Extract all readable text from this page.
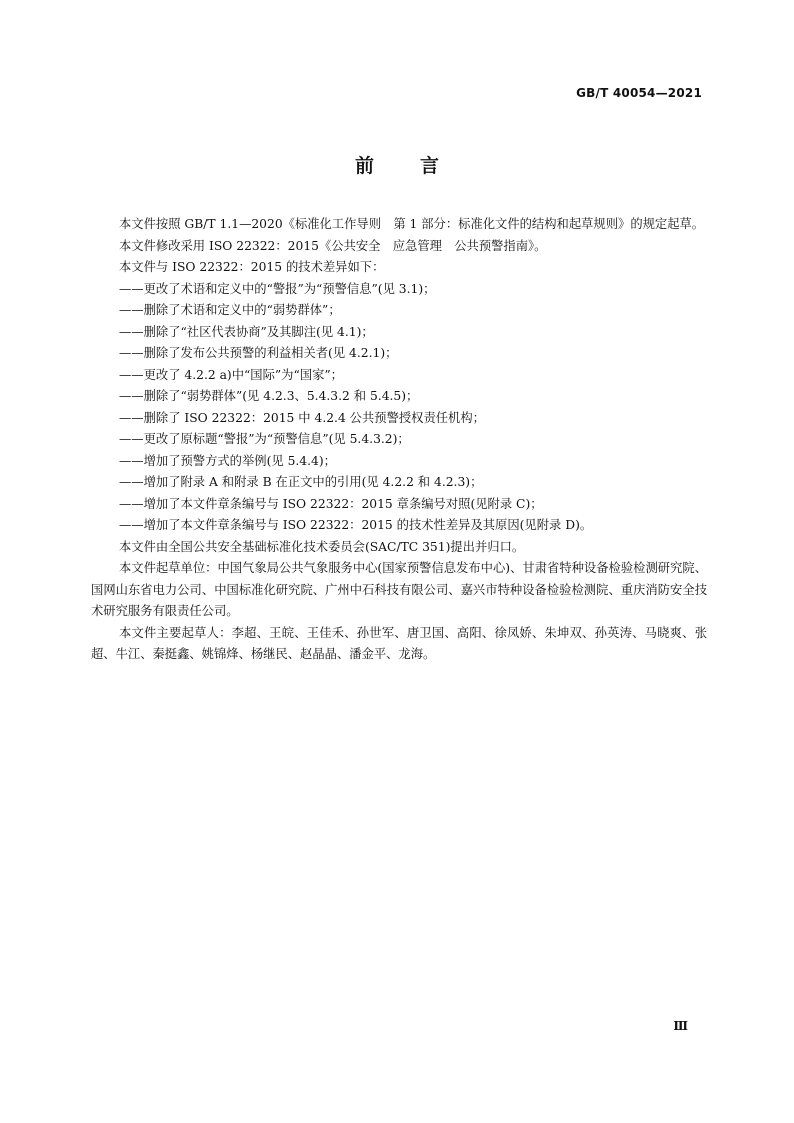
GB/T 40054—2021
前 言

本文件按照 GB/T 1.1—2020《标准化工作导则　第 1 部分：标准化文件的结构和起草规则》的规定起草。

本文件修改采用 ISO 22322：2015《公共安全　应急管理　公共预警指南》。

本文件与 ISO 22322：2015 的技术差异如下：

——更改了术语和定义中的“警报”为“预警信息”(见 3.1)；

——删除了术语和定义中的“弱势群体”；

——删除了“社区代表协商”及其脚注(见 4.1)；

——删除了发布公共预警的利益相关者(见 4.2.1)；

——更改了 4.2.2 a)中“国际”为“国家”；

——删除了“弱势群体”(见 4.2.3、5.4.3.2 和 5.4.5)；

——删除了 ISO 22322：2015 中 4.2.4 公共预警授权责任机构；

——更改了原标题“警报”为“预警信息”(见 5.4.3.2)；

——增加了预警方式的举例(见 5.4.4)；

——增加了附录 A 和附录 B 在正文中的引用(见 4.2.2 和 4.2.3)；

——增加了本文件章条编号与 ISO 22322：2015 章条编号对照(见附录 C)；

——增加了本文件章条编号与 ISO 22322：2015 的技术性差异及其原因(见附录 D)。

本文件由全国公共安全基础标准化技术委员会(SAC/TC 351)提出并归口。

本文件起草单位：中国气象局公共气象服务中心(国家预警信息发布中心)、甘肃省特种设备检验检测研究院、国网山东省电力公司、中国标准化研究院、广州中石科技有限公司、嘉兴市特种设备检验检测院、重庆消防安全技术研究服务有限责任公司。

本文件主要起草人：李超、王皖、王佳禾、孙世军、唐卫国、高阳、徐凤娇、朱坤双、孙英涛、马晓爽、张超、牛江、秦挺鑫、姚锦烽、杨继民、赵晶晶、潘金平、龙海。

Ⅲ
